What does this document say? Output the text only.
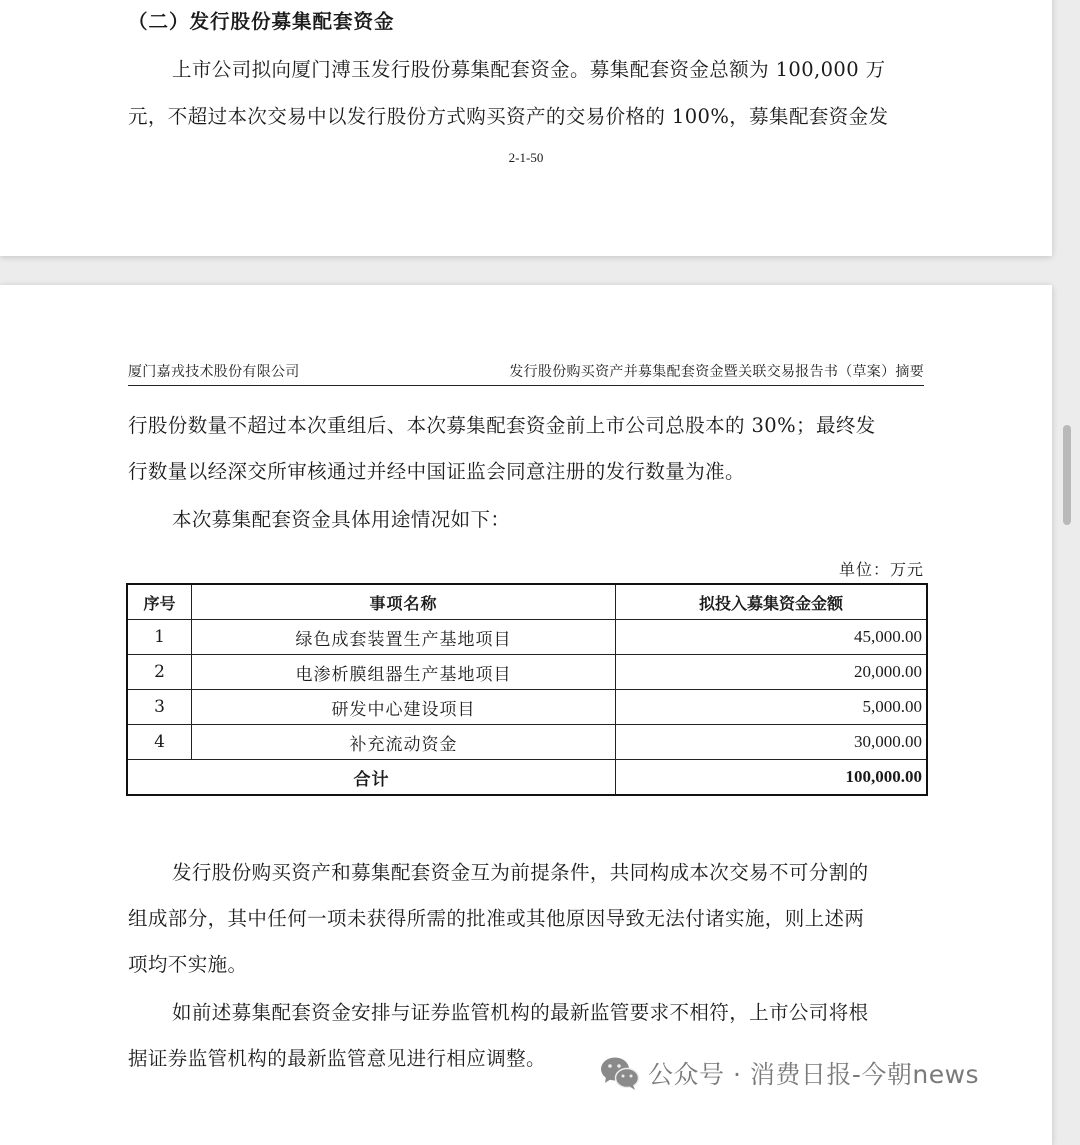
（二）发行股份募集配套资金
上市公司拟向厦门溥玉发行股份募集配套资金。募集配套资金总额为 100,000 万
元，不超过本次交易中以发行股份方式购买资产的交易价格的 100%，募集配套资金发
2-1-50
厦门嘉戎技术股份有限公司	发行股份购买资产并募集配套资金暨关联交易报告书（草案）摘要
行股份数量不超过本次重组后、本次募集配套资金前上市公司总股本的 30%；最终发
行数量以经深交所审核通过并经中国证监会同意注册的发行数量为准。
本次募集配套资金具体用途情况如下：
单位：万元
序号	事项名称	拟投入募集资金金额
1	绿色成套装置生产基地项目	45,000.00
2	电渗析膜组器生产基地项目	20,000.00
3	研发中心建设项目	5,000.00
4	补充流动资金	30,000.00
合计		100,000.00
发行股份购买资产和募集配套资金互为前提条件，共同构成本次交易不可分割的
组成部分，其中任何一项未获得所需的批准或其他原因导致无法付诸实施，则上述两
项均不实施。
如前述募集配套资金安排与证券监管机构的最新监管要求不相符，上市公司将根
据证券监管机构的最新监管意见进行相应调整。
公众号 · 消费日报-今朝news
